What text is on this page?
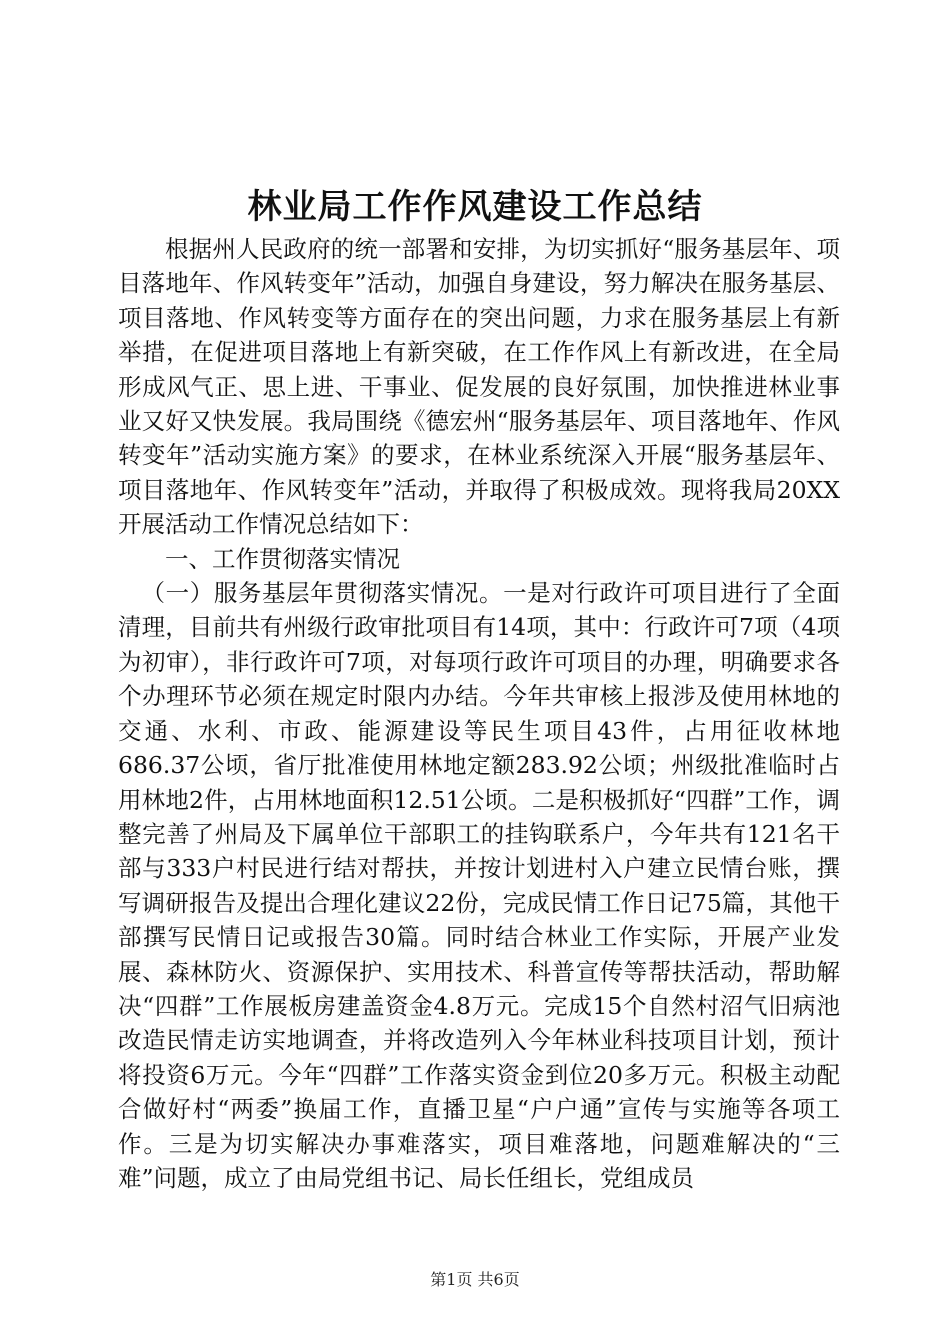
林业局工作作风建设工作总结

根据州人民政府的统一部署和安排，为切实抓好“服务基层年、项目落地年、作风转变年”活动，加强自身建设，努力解决在服务基层、项目落地、作风转变等方面存在的突出问题，力求在服务基层上有新举措，在促进项目落地上有新突破，在工作作风上有新改进，在全局形成风气正、思上进、干事业、促发展的良好氛围，加快推进林业事业又好又快发展。我局围绕《德宏州“服务基层年、项目落地年、作风转变年”活动实施方案》的要求，在林业系统深入开展“服务基层年、项目落地年、作风转变年”活动，并取得了积极成效。现将我局20XX开展活动工作情况总结如下：

一、工作贯彻落实情况

（一）服务基层年贯彻落实情况。一是对行政许可项目进行了全面清理，目前共有州级行政审批项目有14项，其中：行政许可7项（4项为初审），非行政许可7项，对每项行政许可项目的办理，明确要求各个办理环节必须在规定时限内办结。今年共审核上报涉及使用林地的交通、水利、市政、能源建设等民生项目43件，占用征收林地686.37公顷，省厅批准使用林地定额283.92公顷；州级批准临时占用林地2件，占用林地面积12.51公顷。二是积极抓好“四群”工作，调整完善了州局及下属单位干部职工的挂钩联系户，今年共有121名干部与333户村民进行结对帮扶，并按计划进村入户建立民情台账，撰写调研报告及提出合理化建议22份，完成民情工作日记75篇，其他干部撰写民情日记或报告30篇。同时结合林业工作实际，开展产业发展、森林防火、资源保护、实用技术、科普宣传等帮扶活动，帮助解决“四群”工作展板房建盖资金4.8万元。完成15个自然村沼气旧病池改造民情走访实地调查，并将改造列入今年林业科技项目计划，预计将投资6万元。今年“四群”工作落实资金到位20多万元。积极主动配合做好村“两委”换届工作，直播卫星“户户通”宣传与实施等各项工作。三是为切实解决办事难落实，项目难落地，问题难解决的“三难”问题，成立了由局党组书记、局长任组长，党组成员

第1页 共6页
